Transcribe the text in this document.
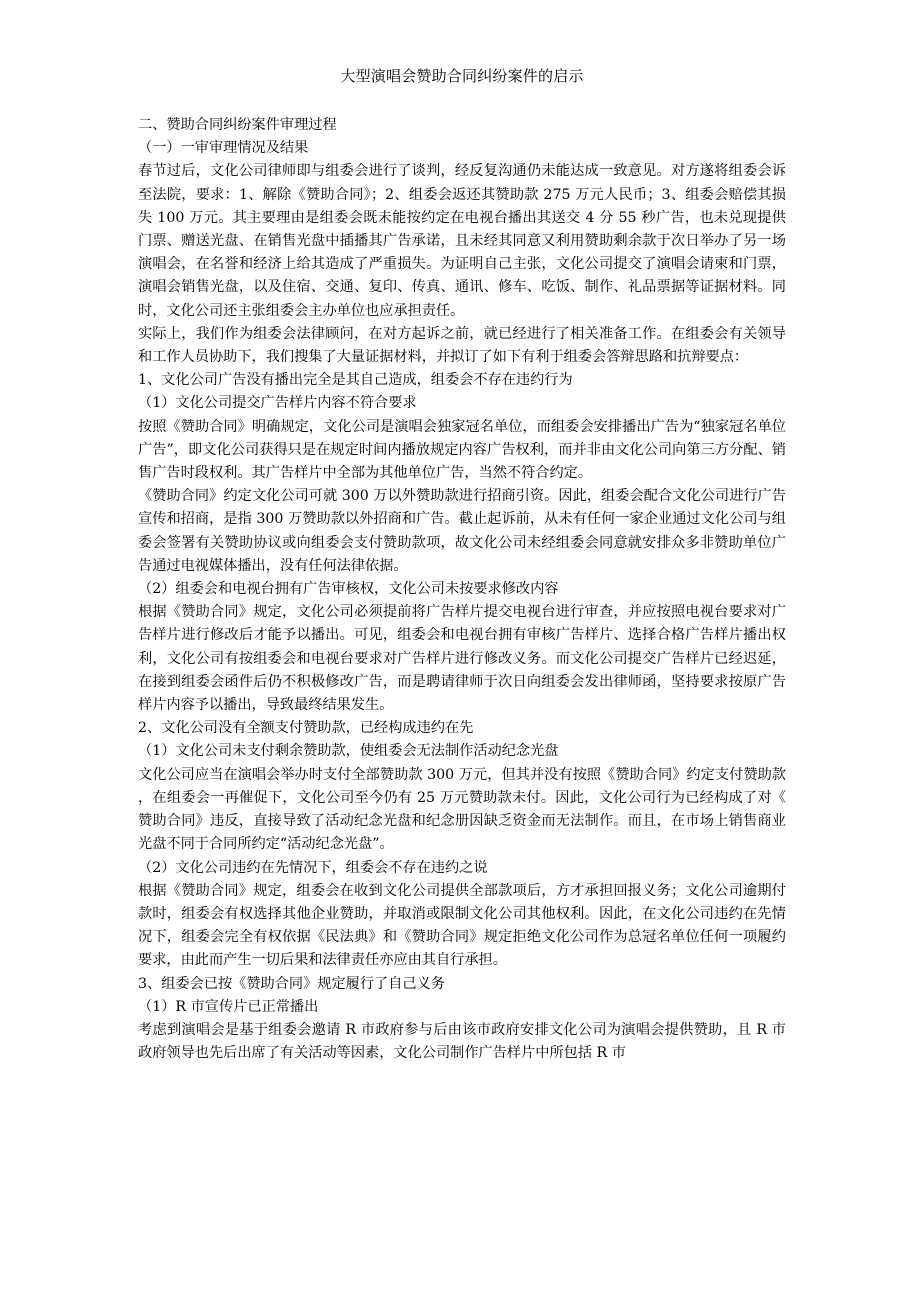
大型演唱会赞助合同纠纷案件的启示

二、赞助合同纠纷案件审理过程

（一）一审审理情况及结果

春节过后，文化公司律师即与组委会进行了谈判，经反复沟通仍未能达成一致意见。对方遂将组委会诉至法院，要求：1、解除《赞助合同》；2、组委会返还其赞助款 275 万元人民币；3、组委会赔偿其损失 100 万元。其主要理由是组委会既未能按约定在电视台播出其送交 4 分 55 秒广告，也未兑现提供门票、赠送光盘、在销售光盘中插播其广告承诺，且未经其同意又利用赞助剩余款于次日举办了另一场演唱会，在名誉和经济上给其造成了严重损失。为证明自己主张，文化公司提交了演唱会请柬和门票，演唱会销售光盘，以及住宿、交通、复印、传真、通讯、修车、吃饭、制作、礼品票据等证据材料。同时，文化公司还主张组委会主办单位也应承担责任。

实际上，我们作为组委会法律顾问，在对方起诉之前，就已经进行了相关准备工作。在组委会有关领导和工作人员协助下，我们搜集了大量证据材料，并拟订了如下有利于组委会答辩思路和抗辩要点：

1、文化公司广告没有播出完全是其自己造成，组委会不存在违约行为

（1）文化公司提交广告样片内容不符合要求

按照《赞助合同》明确规定，文化公司是演唱会独家冠名单位，而组委会安排播出广告为“独家冠名单位广告”，即文化公司获得只是在规定时间内播放规定内容广告权利，而并非由文化公司向第三方分配、销售广告时段权利。其广告样片中全部为其他单位广告，当然不符合约定。

《赞助合同》约定文化公司可就 300 万以外赞助款进行招商引资。因此，组委会配合文化公司进行广告宣传和招商，是指 300 万赞助款以外招商和广告。截止起诉前，从未有任何一家企业通过文化公司与组委会签署有关赞助协议或向组委会支付赞助款项，故文化公司未经组委会同意就安排众多非赞助单位广告通过电视媒体播出，没有任何法律依据。

（2）组委会和电视台拥有广告审核权，文化公司未按要求修改内容

根据《赞助合同》规定，文化公司必须提前将广告样片提交电视台进行审查，并应按照电视台要求对广告样片进行修改后才能予以播出。可见，组委会和电视台拥有审核广告样片、选择合格广告样片播出权利，文化公司有按组委会和电视台要求对广告样片进行修改义务。而文化公司提交广告样片已经迟延，在接到组委会函件后仍不积极修改广告，而是聘请律师于次日向组委会发出律师函，坚持要求按原广告样片内容予以播出，导致最终结果发生。

2、文化公司没有全额支付赞助款，已经构成违约在先

（1）文化公司未支付剩余赞助款，使组委会无法制作活动纪念光盘

文化公司应当在演唱会举办时支付全部赞助款 300 万元，但其并没有按照《赞助合同》约定支付赞助款，在组委会一再催促下，文化公司至今仍有 25 万元赞助款未付。因此，文化公司行为已经构成了对《赞助合同》违反，直接导致了活动纪念光盘和纪念册因缺乏资金而无法制作。而且，在市场上销售商业光盘不同于合同所约定“活动纪念光盘”。

（2）文化公司违约在先情况下，组委会不存在违约之说

根据《赞助合同》规定，组委会在收到文化公司提供全部款项后，方才承担回报义务；文化公司逾期付款时，组委会有权选择其他企业赞助，并取消或限制文化公司其他权利。因此，在文化公司违约在先情况下，组委会完全有权依据《民法典》和《赞助合同》规定拒绝文化公司作为总冠名单位任何一项履约要求，由此而产生一切后果和法律责任亦应由其自行承担。

3、组委会已按《赞助合同》规定履行了自己义务

（1）R 市宣传片已正常播出

考虑到演唱会是基于组委会邀请 R 市政府参与后由该市政府安排文化公司为演唱会提供赞助，且 R 市政府领导也先后出席了有关活动等因素，文化公司制作广告样片中所包括 R 市
